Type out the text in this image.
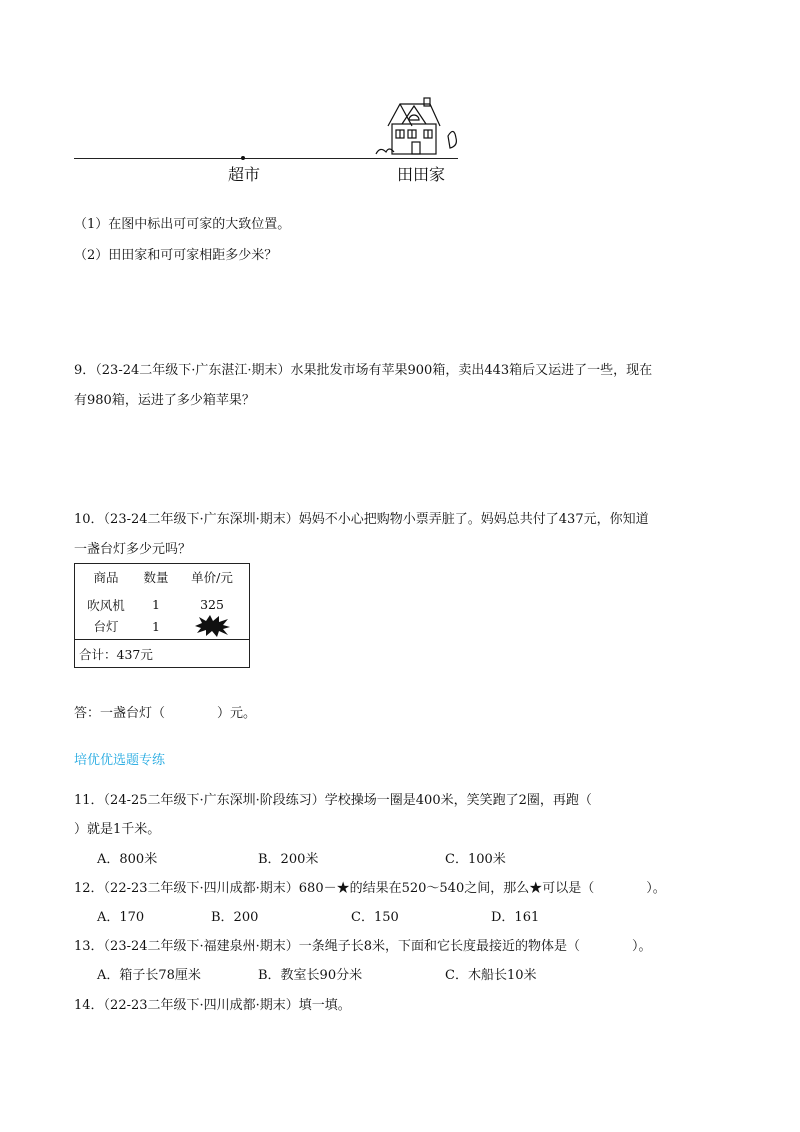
超市	田田家
（1）在图中标出可可家的大致位置。
（2）田田家和可可家相距多少米？
9．（23-24二年级下·广东湛江·期末）水果批发市场有苹果900箱，卖出443箱后又运进了一些，现在
有980箱，运进了多少箱苹果？
10．（23-24二年级下·广东深圳·期末）妈妈不小心把购物小票弄脏了。妈妈总共付了437元，你知道
一盏台灯多少元吗？
商品	数量	单价/元
吹风机	1	325
台灯	1	

合计：437元		
答：一盏台灯（　　　　）元。
培优优选题专练
11．（24-25二年级下·广东深圳·阶段练习）学校操场一圈是400米，笑笑跑了2圈，再跑（
）就是1千米。
A．800米	B．200米	C．100米
12．（22-23二年级下·四川成都·期末）680－★的结果在520～540之间，那么★可以是（　　　　）。
A．170	B．200	C．150	D．161
13．（23-24二年级下·福建泉州·期末）一条绳子长8米，下面和它长度最接近的物体是（　　　　）。
A．箱子长78厘米	B．教室长90分米	C．木船长10米
14．（22-23二年级下·四川成都·期末）填一填。
